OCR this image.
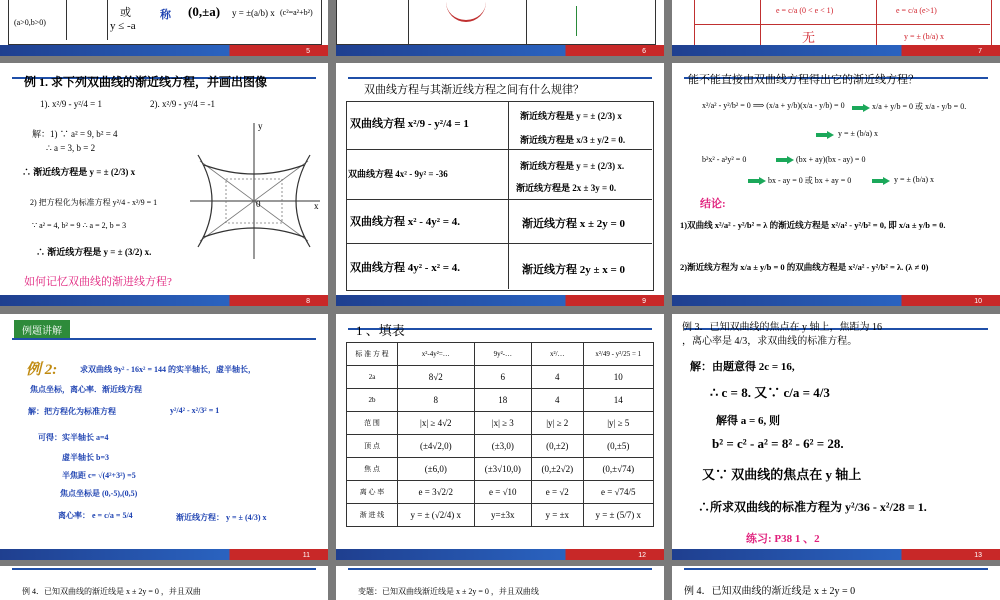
(a>0,b>0)
或
y ≤ -a
称 (0,±a) y = ±(a/b) x (c²=a²+b²)
5	6
e = c/a (0 < e < 1)	e = c/a (e>1)
无	y = ± (b/a) x
7
例 1. 求下列双曲线的渐近线方程，并画出图像
1). x²/9 - y²/4 = 1	2). x²/9 - y²/4 = -1
解：1) ∵ a² = 9, b² = 4
∴ a = 3, b = 2
∴ 渐近线方程是 y = ± (2/3) x
2) 把方程化为标准方程 y²/4 - x²/9 = 1
∵ a² = 4, b² = 9 ∴ a = 2, b = 3
∴ 渐近线方程是 y = ± (3/2) x.
如何记忆双曲线的渐进线方程?
y
x
0
8
双曲线方程与其渐近线方程之间有什么规律？
双曲线方程 x²/9 - y²/4 = 1
渐近线方程是 y = ± (2/3) x
渐近线方程是 x/3 ± y/2 = 0.
双曲线方程 4x² - 9y² = -36
渐近线方程是 y = ± (2/3) x.
渐近线方程是 2x ± 3y = 0.
双曲线方程 x² - 4y² = 4.	渐近线方程 x ± 2y = 0
双曲线方程 4y² - x² = 4.	渐近线方程 2y ± x = 0
9
能不能直接由双曲线方程得出它的渐近线方程？
x²/a² - y²/b² = 0 ⟹ (x/a + y/b)(x/a - y/b) = 0	x/a + y/b = 0 或 x/a - y/b = 0.
y = ± (b/a) x
b²x² - a²y² = 0	(bx + ay)(bx - ay) = 0
bx - ay = 0 或 bx + ay = 0	y = ± (b/a) x
结论:
1)双曲线 x²/a² - y²/b² = λ 的渐近线方程是 x²/a² - y²/b² = 0, 即 x/a ± y/b = 0.
2)渐近线方程为 x/a ± y/b = 0 的双曲线方程是 x²/a² - y²/b² = λ. (λ ≠ 0)
10
例题讲解
例 2:	求双曲线 9y² - 16x² = 144 的实半轴长，虚半轴长，
焦点坐标，离心率．渐近线方程
解：把方程化为标准方程	y²/4² - x²/3² = 1
可得：实半轴长 a=4
虚半轴长 b=3
半焦距 c= √(4²+3²) =5
焦点坐标是 (0,-5),(0,5)
离心率： e = c/a = 5/4	渐近线方程： y = ± (4/3) x
11
1 、填表
标 准 方 程	x²-4y²=…	9y²-…	x²/…	x²/49 - y²/25 = 1
2a	8√2	6	4	10
2b	8	18	4	14
范 围	|x| ≥ 4√2	|x| ≥ 3	|y| ≥ 2	|y| ≥ 5
顶 点	(±4√2,0)	(±3,0)	(0,±2)	(0,±5)
焦 点	(±6,0)	(±3√10,0)	(0,±2√2)	(0,±√74)
离 心 率	e = 3√2/2	e = √10	e = √2	e = √74/5
渐 进 线	y = ± (√2/4) x	y=±3x	y = ±x	y = ± (5/7) x
12
例 3．已知双曲线的焦点在 y 轴上，焦距为 16
，离心率是 4/3，求双曲线的标准方程。
解：由题意得 2c = 16,
∴ c = 8. 又∵ c/a = 4/3
解得 a = 6, 则
b² = c² - a² = 8² - 6² = 28.
又∵ 双曲线的焦点在 y 轴上
∴所求双曲线的标准方程为 y²/36 - x²/28 = 1.
练习: P38 1 、2
13
例 4．已知双曲线的渐近线是 x ± 2y = 0 ，并且双曲	变题：已知双曲线渐近线是 x ± 2y = 0 ，并且双曲线	例 4．已知双曲线的渐近线是 x ± 2y = 0
